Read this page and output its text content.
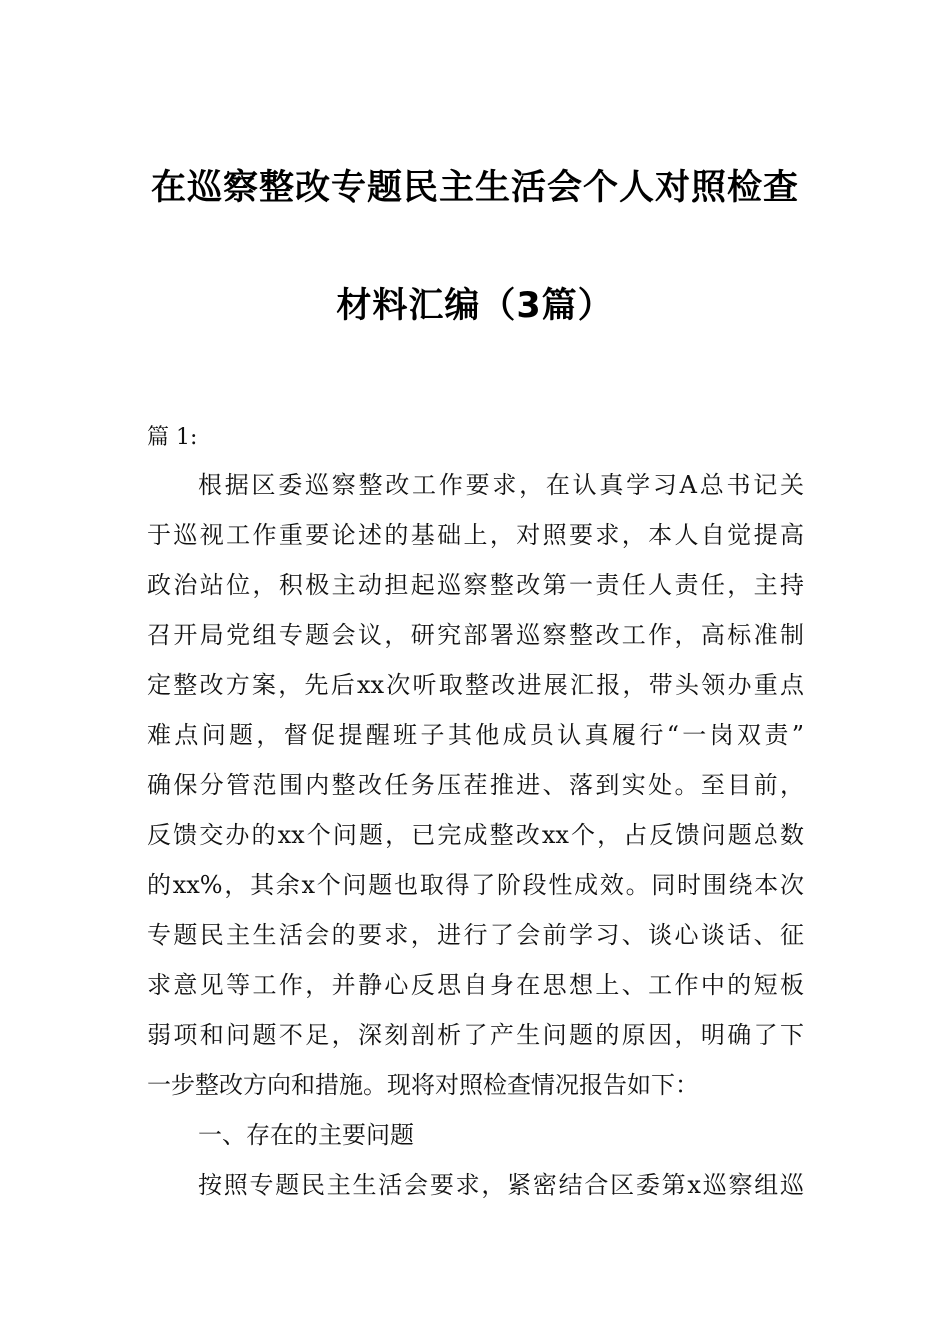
在巡察整改专题民主生活会个人对照检查
材料汇编（3篇）
篇 1:
根据区委巡察整改工作要求，在认真学习A总书记关
于巡视工作重要论述的基础上，对照要求，本人自觉提高
政治站位，积极主动担起巡察整改第一责任人责任，主持
召开局党组专题会议，研究部署巡察整改工作，高标准制
定整改方案，先后xx次听取整改进展汇报，带头领办重点
难点问题，督促提醒班子其他成员认真履行“一岗双责”
确保分管范围内整改任务压茬推进、落到实处。至目前，
反馈交办的xx个问题，已完成整改xx个，占反馈问题总数
的xx%，其余x个问题也取得了阶段性成效。同时围绕本次
专题民主生活会的要求，进行了会前学习、谈心谈话、征
求意见等工作，并静心反思自身在思想上、工作中的短板
弱项和问题不足，深刻剖析了产生问题的原因，明确了下
一步整改方向和措施。现将对照检查情况报告如下：
一、存在的主要问题
按照专题民主生活会要求，紧密结合区委第x巡察组巡
